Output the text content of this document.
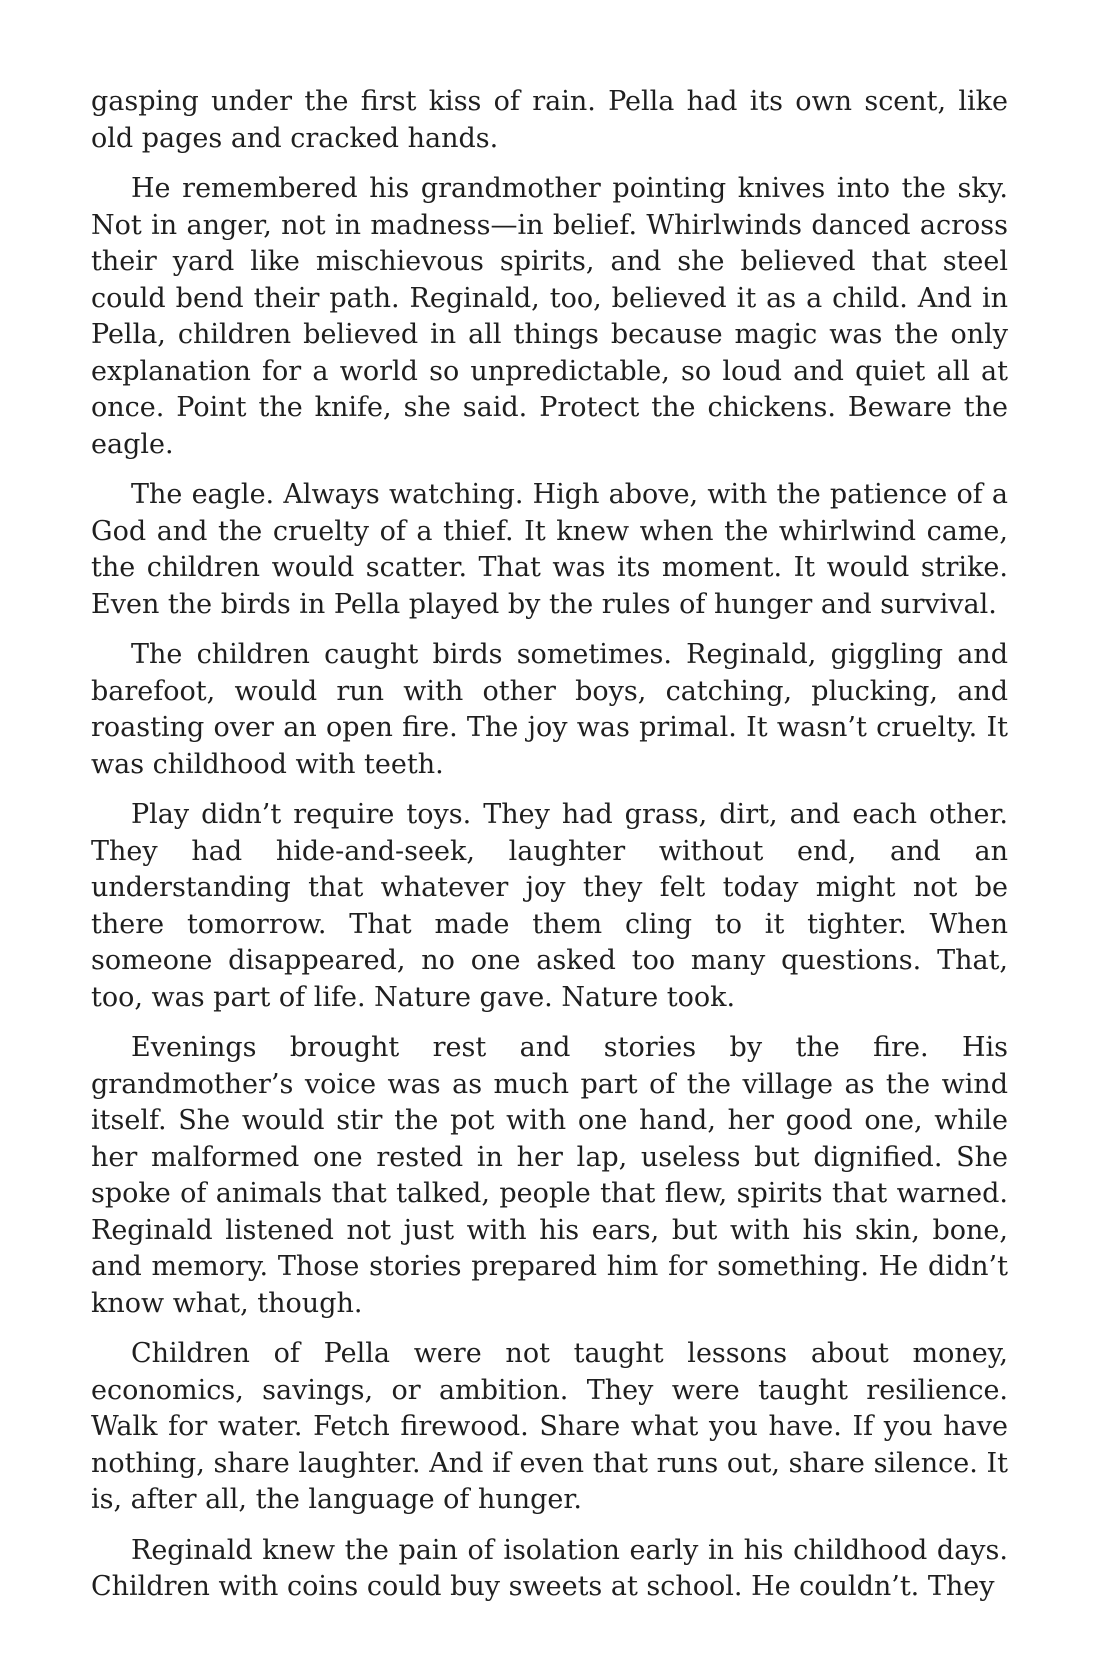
gasping under the first kiss of rain. Pella had its own scent, like old pages and cracked hands.

He remembered his grandmother pointing knives into the sky. Not in anger, not in madness—in belief. Whirlwinds danced across their yard like mischievous spirits, and she believed that steel could bend their path. Reginald, too, believed it as a child. And in Pella, children believed in all things because magic was the only explanation for a world so unpredictable, so loud and quiet all at once. Point the knife, she said. Protect the chickens. Beware the eagle.

The eagle. Always watching. High above, with the patience of a God and the cruelty of a thief. It knew when the whirlwind came, the children would scatter. That was its moment. It would strike. Even the birds in Pella played by the rules of hunger and survival.

The children caught birds sometimes. Reginald, giggling and barefoot, would run with other boys, catching, plucking, and roasting over an open fire. The joy was primal. It wasn’t cruelty. It was childhood with teeth.

Play didn’t require toys. They had grass, dirt, and each other. They had hide-and-seek, laughter without end, and an understanding that whatever joy they felt today might not be there tomorrow. That made them cling to it tighter. When someone disappeared, no one asked too many questions. That, too, was part of life. Nature gave. Nature took.

Evenings brought rest and stories by the fire. His grandmother’s voice was as much part of the village as the wind itself. She would stir the pot with one hand, her good one, while her malformed one rested in her lap, useless but dignified. She spoke of animals that talked, people that flew, spirits that warned. Reginald listened not just with his ears, but with his skin, bone, and memory. Those stories prepared him for something. He didn’t know what, though.

Children of Pella were not taught lessons about money, economics, savings, or ambition. They were taught resilience. Walk for water. Fetch firewood. Share what you have. If you have nothing, share laughter. And if even that runs out, share silence. It is, after all, the language of hunger.

Reginald knew the pain of isolation early in his childhood days. Children with coins could buy sweets at school. He couldn’t. They
